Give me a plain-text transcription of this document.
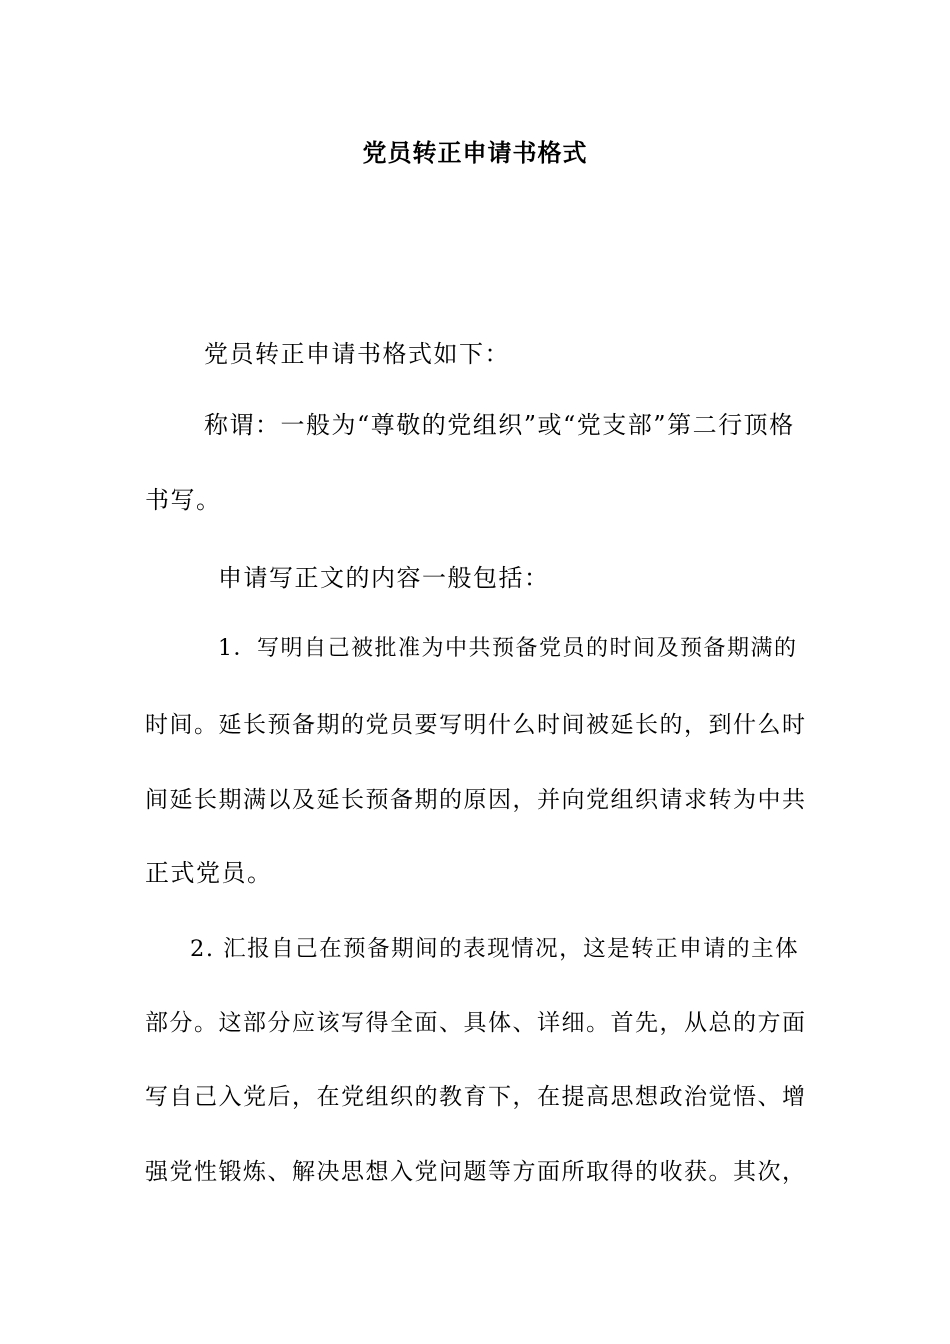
党员转正申请书格式
党员转正申请书格式如下：
称谓：一般为“尊敬的党组织”或“党支部”第二行顶格
书写。
申请写正文的内容一般包括：
1．写明自己被批准为中共预备党员的时间及预备期满的
时间。延长预备期的党员要写明什么时间被延长的，到什么时
间延长期满以及延长预备期的原因，并向党组织请求转为中共
正式党员。
2. 汇报自己在预备期间的表现情况，这是转正申请的主体
部分。这部分应该写得全面、具体、详细。首先，从总的方面
写自己入党后，在党组织的教育下，在提高思想政治觉悟、增
强党性锻炼、解决思想入党问题等方面所取得的收获。其次，
